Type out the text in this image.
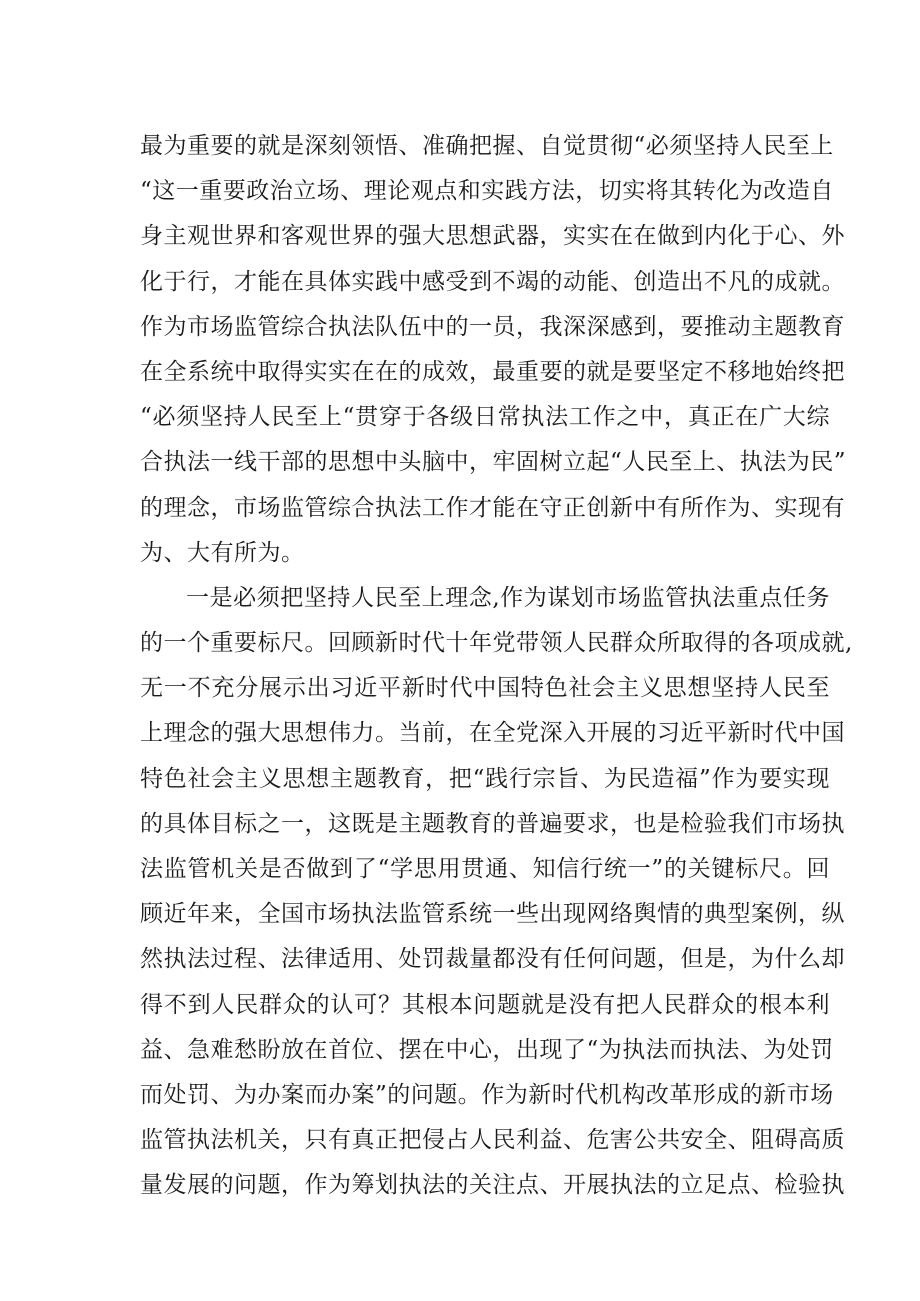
最为重要的就是深刻领悟、准确把握、自觉贯彻“必须坚持人民至上
“这一重要政治立场、理论观点和实践方法，切实将其转化为改造自
身主观世界和客观世界的强大思想武器，实实在在做到内化于心、外
化于行，才能在具体实践中感受到不竭的动能、创造出不凡的成就。
作为市场监管综合执法队伍中的一员，我深深感到，要推动主题教育
在全系统中取得实实在在的成效，最重要的就是要坚定不移地始终把
“必须坚持人民至上“贯穿于各级日常执法工作之中，真正在广大综
合执法一线干部的思想中头脑中，牢固树立起“人民至上、执法为民”
的理念，市场监管综合执法工作才能在守正创新中有所作为、实现有
为、大有所为。
一是必须把坚持人民至上理念,作为谋划市场监管执法重点任务
的一个重要标尺。回顾新时代十年党带领人民群众所取得的各项成就,
无一不充分展示出习近平新时代中国特色社会主义思想坚持人民至
上理念的强大思想伟力。当前，在全党深入开展的习近平新时代中国
特色社会主义思想主题教育，把“践行宗旨、为民造福”作为要实现
的具体目标之一，这既是主题教育的普遍要求，也是检验我们市场执
法监管机关是否做到了“学思用贯通、知信行统一”的关键标尺。回
顾近年来，全国市场执法监管系统一些出现网络舆情的典型案例，纵
然执法过程、法律适用、处罚裁量都没有任何问题，但是，为什么却
得不到人民群众的认可？其根本问题就是没有把人民群众的根本利
益、急难愁盼放在首位、摆在中心，出现了“为执法而执法、为处罚
而处罚、为办案而办案”的问题。作为新时代机构改革形成的新市场
监管执法机关，只有真正把侵占人民利益、危害公共安全、阻碍高质
量发展的问题，作为筹划执法的关注点、开展执法的立足点、检验执
